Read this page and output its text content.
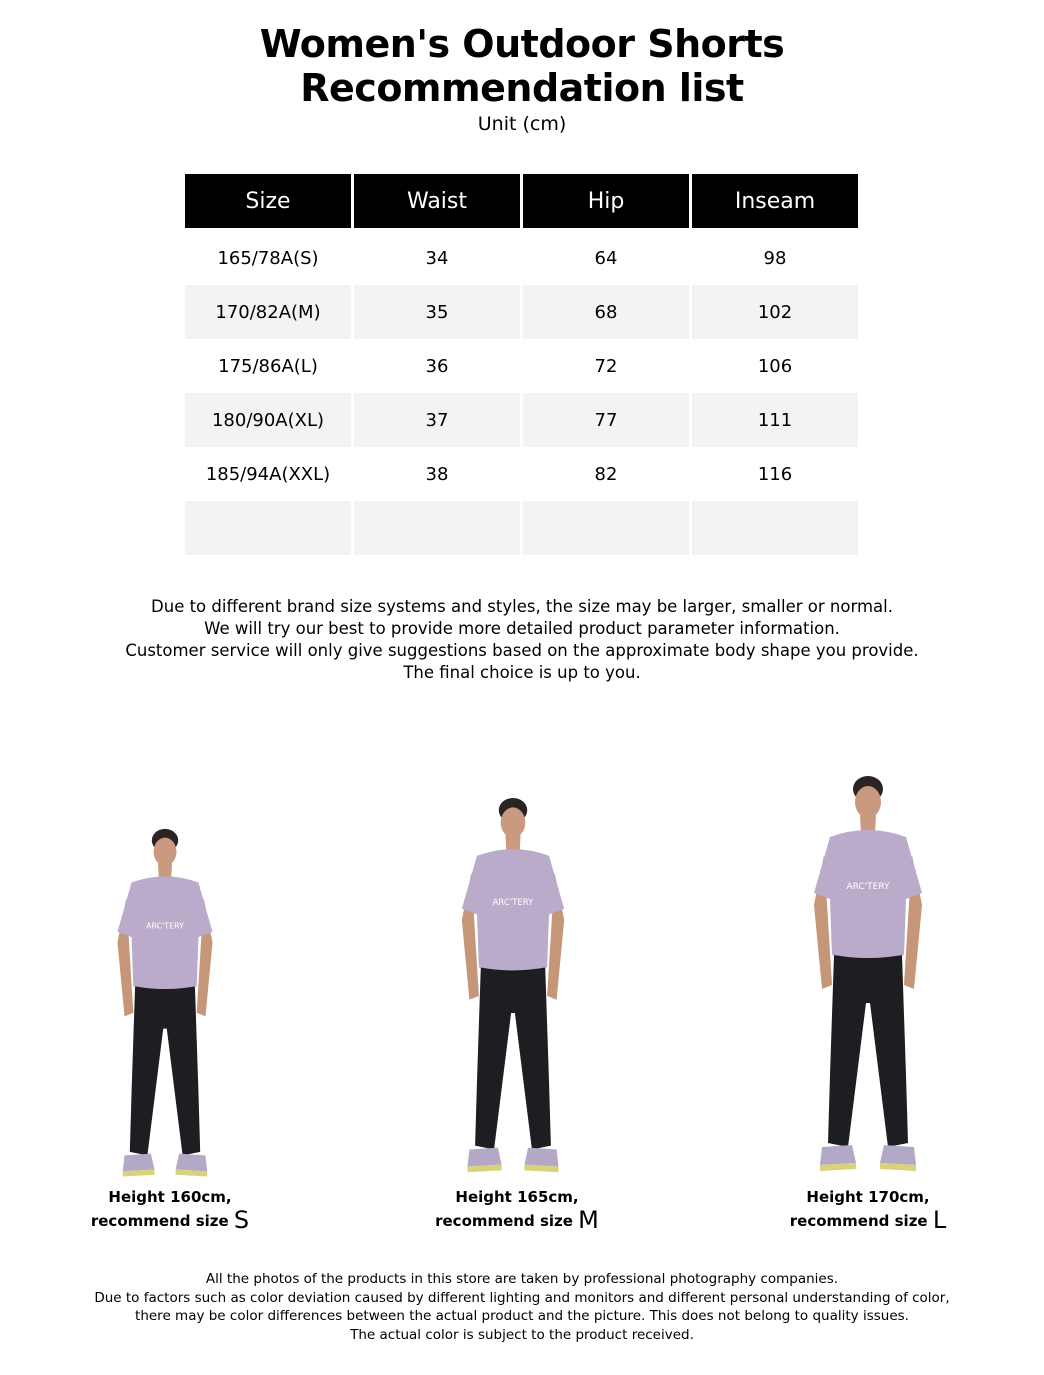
Women's Outdoor Shorts
Recommendation list
Unit (cm)
Size	Waist	Hip	Inseam
165/78A(S)	34	64	98
170/82A(M)	35	68	102
175/86A(L)	36	72	106
180/90A(XL)	37	77	111
185/94A(XXL)	38	82	116

Due to different brand size systems and styles, the size may be larger, smaller or normal.
We will try our best to provide more detailed product parameter information.
Customer service will only give suggestions based on the approximate body shape you provide.
The final choice is up to you.
ARC'TERY
ARC'TERY
ARC'TERY
Height 160cm,
recommend size S
Height 165cm,
recommend size M
Height 170cm,
recommend size L
All the photos of the products in this store are taken by professional photography companies.
Due to factors such as color deviation caused by different lighting and monitors and different personal understanding of color,
there may be color differences between the actual product and the picture. This does not belong to quality issues.
The actual color is subject to the product received.
